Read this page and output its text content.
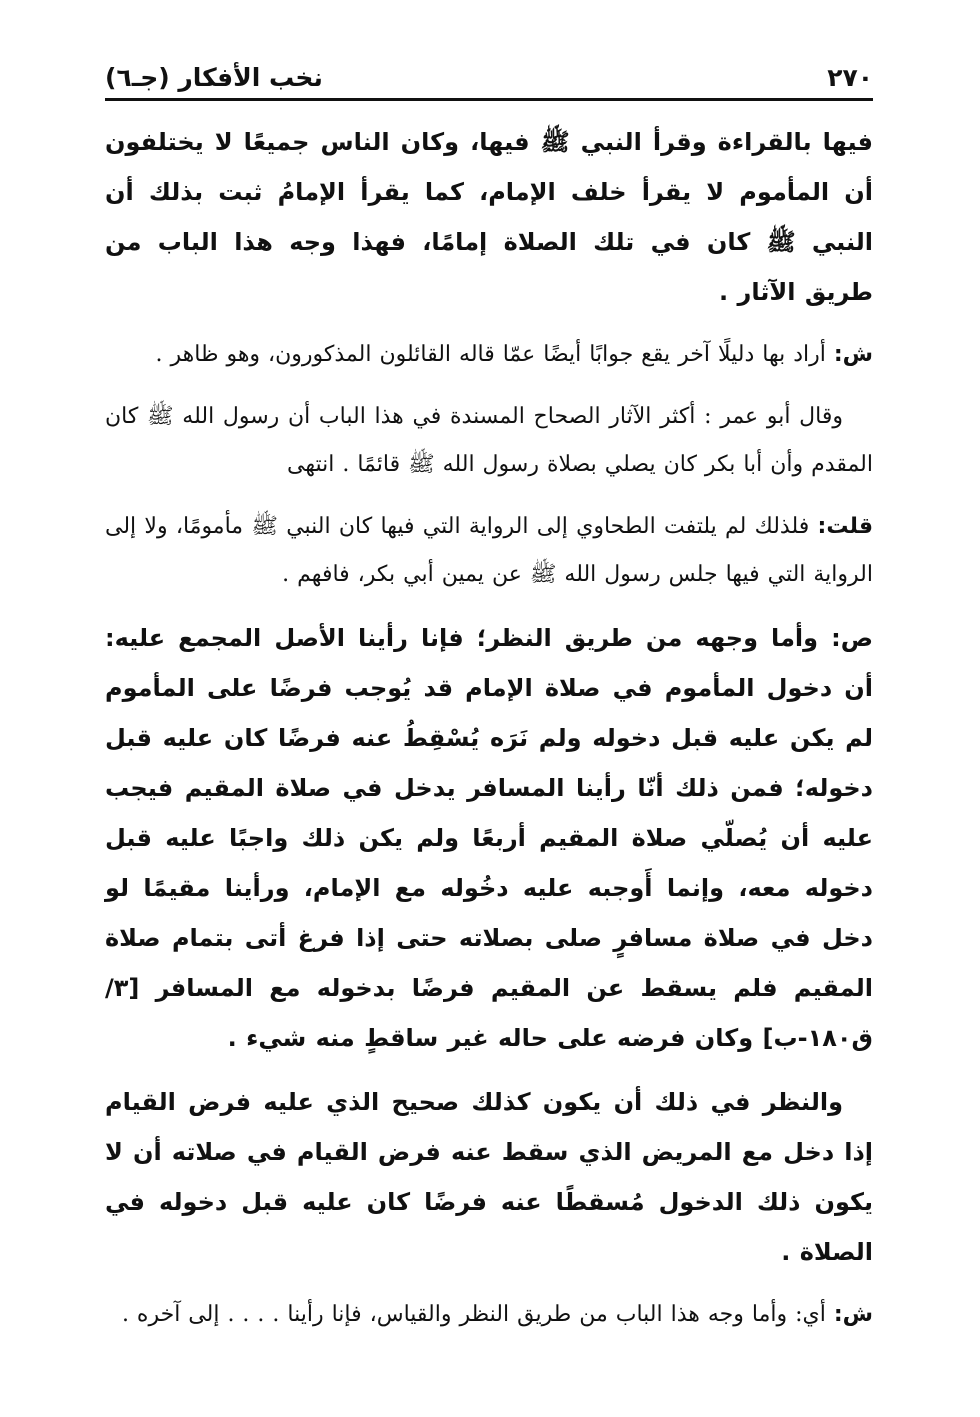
٢٧٠
نخب الأفكار (جـ٦)

فيها بالقراءة وقرأ النبي ﷺ فيها، وكان الناس جميعًا لا يختلفون أن المأموم لا يقرأ خلف الإمام، كما يقرأ الإمامُ ثبت بذلك أن النبي ﷺ كان في تلك الصلاة إمامًا، فهذا وجه هذا الباب من طريق الآثار .

ش: أراد بها دليلًا آخر يقع جوابًا أيضًا عمّا قاله القائلون المذكورون، وهو ظاهر .

وقال أبو عمر : أكثر الآثار الصحاح المسندة في هذا الباب أن رسول الله ﷺ كان المقدم وأن أبا بكر كان يصلي بصلاة رسول الله ﷺ قائمًا . انتهى

قلت: فلذلك لم يلتفت الطحاوي إلى الرواية التي فيها كان النبي ﷺ مأمومًا، ولا إلى الرواية التي فيها جلس رسول الله ﷺ عن يمين أبي بكر، فافهم .

ص: وأما وجهه من طريق النظر؛ فإنا رأينا الأصل المجمع عليه: أن دخول المأموم في صلاة الإمام قد يُوجب فرضًا على المأموم لم يكن عليه قبل دخوله ولم نَرَه يُسْقِطُ عنه فرضًا كان عليه قبل دخوله؛ فمن ذلك أنّا رأينا المسافر يدخل في صلاة المقيم فيجب عليه أن يُصلّي صلاة المقيم أربعًا ولم يكن ذلك واجبًا عليه قبل دخوله معه، وإنما أَوجبه عليه دخُوله مع الإمام، ورأينا مقيمًا لو دخل في صلاة مسافرٍ صلى بصلاته حتى إذا فرغ أتى بتمام صلاة المقيم فلم يسقط عن المقيم فرضًا بدخوله مع المسافر [٣/ ق١٨٠-ب] وكان فرضه على حاله غير ساقطٍ منه شيء .

والنظر في ذلك أن يكون كذلك صحيح الذي عليه فرض القيام إذا دخل مع المريض الذي سقط عنه فرض القيام في صلاته أن لا يكون ذلك الدخول مُسقطًا عنه فرضًا كان عليه قبل دخوله في الصلاة .

ش: أي: وأما وجه هذا الباب من طريق النظر والقياس، فإنا رأينا . . . . إلى آخره .
